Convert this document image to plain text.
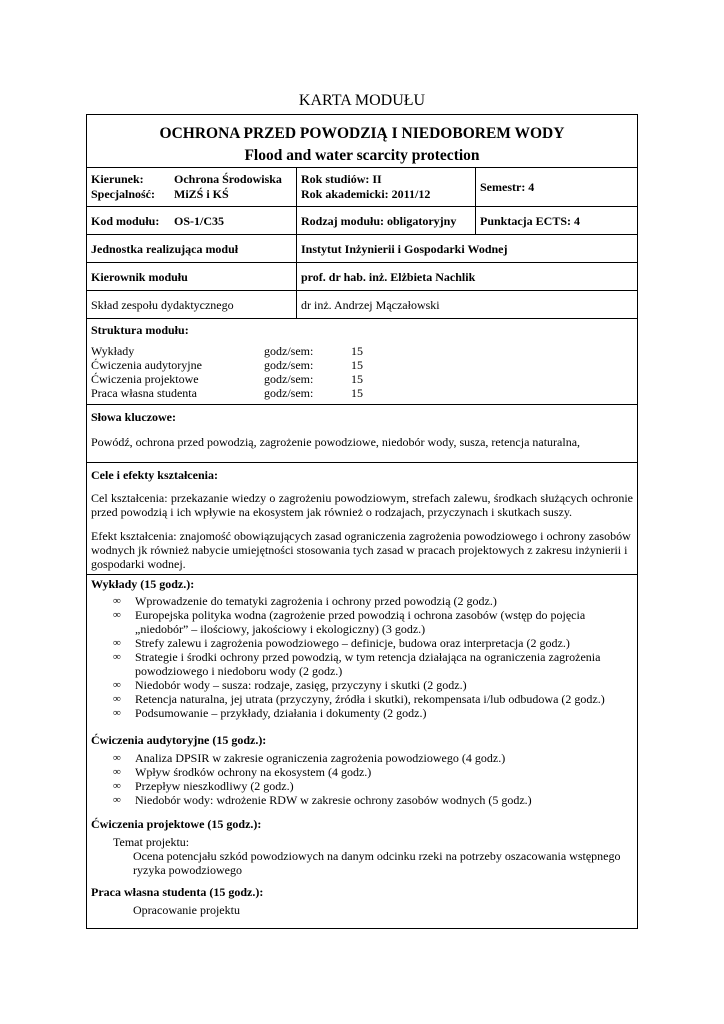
KARTA MODUŁU
OCHRONA PRZED POWODZIĄ I NIEDOBOREM WODY
Flood and water scarcity protection
Kierunek:	Ochrona Środowiska
Specjalność: MiZŚ i KŚ
Rok studiów: II
Rok akademicki: 2011/12	Semestr: 4
Kod modułu: OS-1/C35	Rodzaj modułu: obligatoryjny Punktacja ECTS: 4
Jednostka realizująca moduł	Instytut Inżynierii i Gospodarki Wodnej
Kierownik modułu	prof. dr hab. inż. Elżbieta Nachlik
Skład zespołu dydaktycznego	dr inż. Andrzej Mączałowski
Struktura modułu:
Wykłady	godz/sem:	15
Ćwiczenia audytoryjne	godz/sem:	15
Ćwiczenia projektowe	godz/sem:	15
Praca własna studenta	godz/sem:	15
Słowa kluczowe:
Powódź, ochrona przed powodzią, zagrożenie powodziowe, niedobór wody, susza, retencja naturalna,
Cele i efekty kształcenia:
Cel kształcenia: przekazanie wiedzy o zagrożeniu powodziowym, strefach zalewu, środkach służących ochronie przed powodzią i ich wpływie na ekosystem jak również o rodzajach, przyczynach i skutkach suszy.
Efekt kształcenia: znajomość obowiązujących zasad ograniczenia zagrożenia powodziowego i ochrony zasobów wodnych jk również nabycie umiejętności stosowania tych zasad w pracach projektowych z zakresu inżynierii i gospodarki wodnej.
Wykłady (15 godz.):
∞ Wprowadzenie do tematyki zagrożenia i ochrony przed powodzią (2 godz.)
∞ Europejska polityka wodna (zagrożenie przed powodzią i ochrona zasobów (wstęp do pojęcia „niedobór” – ilościowy, jakościowy i ekologiczny) (3 godz.)
∞ Strefy zalewu i zagrożenia powodziowego – definicje, budowa oraz interpretacja (2 godz.)
∞ Strategie i środki ochrony przed powodzią, w tym retencja działająca na ograniczenia zagrożenia powodziowego i niedoboru wody (2 godz.)
∞ Niedobór wody – susza: rodzaje, zasięg, przyczyny i skutki (2 godz.)
∞ Retencja naturalna, jej utrata (przyczyny, źródła i skutki), rekompensata i/lub odbudowa (2 godz.)
∞ Podsumowanie – przykłady, działania i dokumenty (2 godz.)
Ćwiczenia audytoryjne (15 godz.):
∞ Analiza DPSIR w zakresie ograniczenia zagrożenia powodziowego (4 godz.)
∞ Wpływ środków ochrony na ekosystem (4 godz.)
∞ Przepływ nieszkodliwy (2 godz.)
∞ Niedobór wody: wdrożenie RDW w zakresie ochrony zasobów wodnych (5 godz.)
Ćwiczenia projektowe (15 godz.):
Temat projektu:
Ocena potencjału szkód powodziowych na danym odcinku rzeki na potrzeby oszacowania wstępnego ryzyka powodziowego
Praca własna studenta (15 godz.):
Opracowanie projektu
